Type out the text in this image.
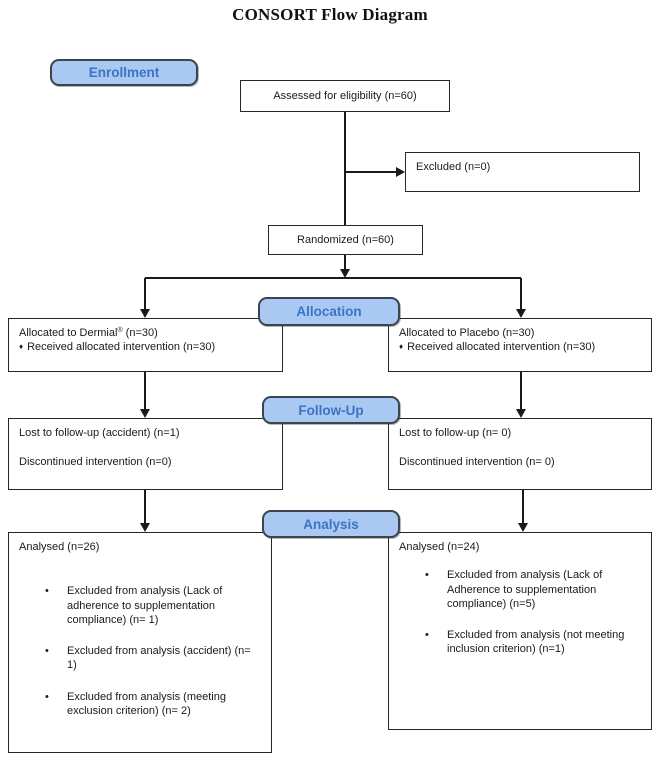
CONSORT Flow Diagram
Enrollment
Allocation
Follow-Up
Analysis
Assessed for eligibility (n=60)
Excluded (n=0)
Randomized (n=60)
Allocated to Dermial® (n=30)
♦ Received allocated intervention (n=30)
Allocated to Placebo (n=30)
♦ Received allocated intervention (n=30)
Lost to follow-up (accident) (n=1)
Discontinued intervention (n=0)
Lost to follow-up (n= 0)
Discontinued intervention (n= 0)
Analysed (n=26)
•	Excluded from analysis (Lack of adherence to supplementation compliance) (n= 1)
•	Excluded from analysis (accident) (n= 1)
•	Excluded from analysis (meeting exclusion criterion) (n= 2)
Analysed (n=24)
•	Excluded from analysis (Lack of Adherence to supplementation compliance) (n=5)
•	Excluded from analysis (not meeting inclusion criterion) (n=1)
